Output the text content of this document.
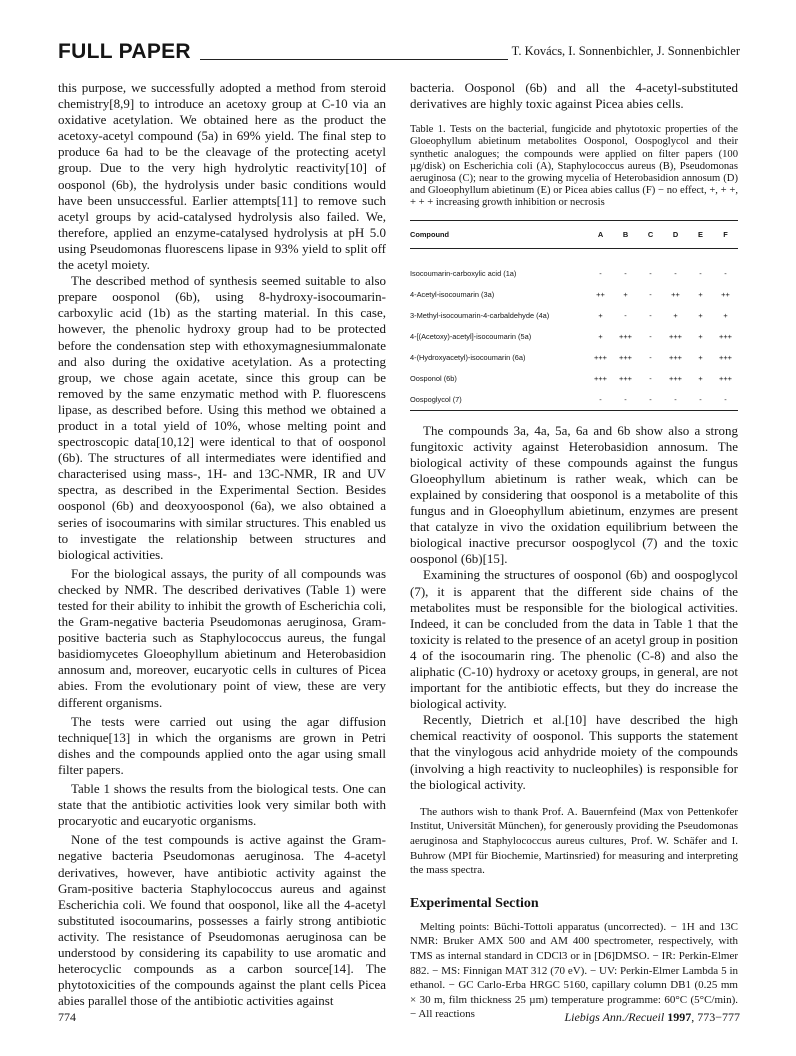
FULL PAPER	T. Kovács, I. Sonnenbichler, J. Sonnenbichler

this purpose, we successfully adopted a method from steroid chemistry[8,9] to introduce an acetoxy group at C-10 via an oxidative acetylation. We obtained here as the product the acetoxy-acetyl compound (5a) in 69% yield. The final step to produce 6a had to be the cleavage of the protecting acetyl group. Due to the very high hydrolytic reactivity[10] of oosponol (6b), the hydrolysis under basic conditions would have been unsuccessful. Earlier attempts[11] to remove such acetyl groups by acid-catalysed hydrolysis also failed. We, therefore, applied an enzyme-catalysed hydrolysis at pH 5.0 using Pseudomonas fluorescens lipase in 93% yield to split off the acetyl moiety.

The described method of synthesis seemed suitable to also prepare oosponol (6b), using 8-hydroxy-isocoumarin-carboxylic acid (1b) as the starting material. In this case, however, the phenolic hydroxy group had to be protected before the condensation step with ethoxymagnesiummalonate and also during the oxidative acetylation. As a protecting group, we chose again acetate, since this group can be removed by the same enzymatic method with P. fluorescens lipase, as described before. Using this method we obtained a product in a total yield of 10%, whose melting point and spectroscopic data[10,12] were identical to that of oosponol (6b). The structures of all intermediates were identified and characterised using mass-, 1H- and 13C-NMR, IR and UV spectra, as described in the Experimental Section. Besides oosponol (6b) and deoxyoosponol (6a), we also obtained a series of isocoumarins with similar structures. This enabled us to investigate the relationship between structures and biological activities.

For the biological assays, the purity of all compounds was checked by NMR. The described derivatives (Table 1) were tested for their ability to inhibit the growth of Escherichia coli, the Gram-negative bacteria Pseudomonas aeruginosa, Gram-positive bacteria such as Staphylococcus aureus, the fungal basidiomycetes Gloeophyllum abietinum and Heterobasidion annosum and, moreover, eucaryotic cells in cultures of Picea abies. From the evolutionary point of view, these are very different organisms.

The tests were carried out using the agar diffusion technique[13] in which the organisms are grown in Petri dishes and the compounds applied onto the agar using small filter papers.

Table 1 shows the results from the biological tests. One can state that the antibiotic activities look very similar both with procaryotic and eucaryotic organisms.

None of the test compounds is active against the Gram-negative bacteria Pseudomonas aeruginosa. The 4-acetyl derivatives, however, have antibiotic activity against the Gram-positive bacteria Staphylococcus aureus and against Escherichia coli. We found that oosponol, like all the 4-acetyl substituted isocoumarins, possesses a fairly strong antibiotic activity. The resistance of Pseudomonas aeruginosa can be understood by considering its capability to use aromatic and heterocyclic compounds as a carbon source[14]. The phytotoxicities of the compounds against the plant cells Picea abies parallel those of the antibiotic activities against

bacteria. Oosponol (6b) and all the 4-acetyl-substituted derivatives are highly toxic against Picea abies cells.

Table 1. Tests on the bacterial, fungicide and phytotoxic properties of the Gloeophyllum abietinum metabolites Oosponol, Oospoglycol and their synthetic analogues; the compounds were applied on filter papers (100 µg/disk) on Escherichia coli (A), Staphylococcus aureus (B), Pseudomonas aeruginosa (C); near to the growing mycelia of Heterobasidion annosum (D) and Gloeophyllum abietinum (E) or Picea abies callus (F) − no effect, +, + +, + + + increasing growth inhibition or necrosis

Compound	A	B	C	D	E	F
Isocoumarin-carboxylic acid (1a)	-	-	-	-	-	-
4-Acetyl-isocoumarin (3a)	++	+	-	++	+	++
3-Methyl-isocoumarin-4-carbaldehyde (4a)	+	-	-	+	+	+
4-[(Acetoxy)-acetyl]-isocoumarin (5a)	+	+++	-	+++	+	+++
4-(Hydroxyacetyl)-isocoumarin (6a)	+++	+++	-	+++	+	+++
Oosponol (6b)	+++	+++	-	+++	+	+++
Oospoglycol (7)	-	-	-	-	-	-

The compounds 3a, 4a, 5a, 6a and 6b show also a strong fungitoxic activity against Heterobasidion annosum. The biological activity of these compounds against the fungus Gloeophyllum abietinum is rather weak, which can be explained by considering that oosponol is a metabolite of this fungus and in Gloeophyllum abietinum, enzymes are present that catalyze in vivo the oxidation equilibrium between the biological inactive precursor oospoglycol (7) and the toxic oosponol (6b)[15].

Examining the structures of oosponol (6b) and oospoglycol (7), it is apparent that the different side chains of the metabolites must be responsible for the biological activities. Indeed, it can be concluded from the data in Table 1 that the toxicity is related to the presence of an acetyl group in position 4 of the isocoumarin ring. The phenolic (C-8) and also the aliphatic (C-10) hydroxy or acetoxy groups, in general, are not important for the antibiotic effects, but they do increase the biological activity.

Recently, Dietrich et al.[10] have described the high chemical reactivity of oosponol. This supports the statement that the vinylogous acid anhydride moiety of the compounds (involving a high reactivity to nucleophiles) is responsible for the biological activity.

The authors wish to thank Prof. A. Bauernfeind (Max von Pettenkofer Institut, Universität München), for generously providing the Pseudomonas aeruginosa and Staphylococcus aureus cultures, Prof. W. Schäfer and I. Buhrow (MPI für Biochemie, Martinsried) for measuring and interpreting the mass spectra.

Experimental Section

Melting points: Büchi-Tottoli apparatus (uncorrected). − 1H and 13C NMR: Bruker AMX 500 and AM 400 spectrometer, respectively, with TMS as internal standard in CDCl3 or in [D6]DMSO. − IR: Perkin-Elmer 882. − MS: Finnigan MAT 312 (70 eV). − UV: Perkin-Elmer Lambda 5 in ethanol. − GC Carlo-Erba HRGC 5160, capillary column DB1 (0.25 mm × 30 m, film thickness 25 µm) temperature programme: 60°C (5°C/min). − All reactions

774	Liebigs Ann./Recueil 1997, 773−777
